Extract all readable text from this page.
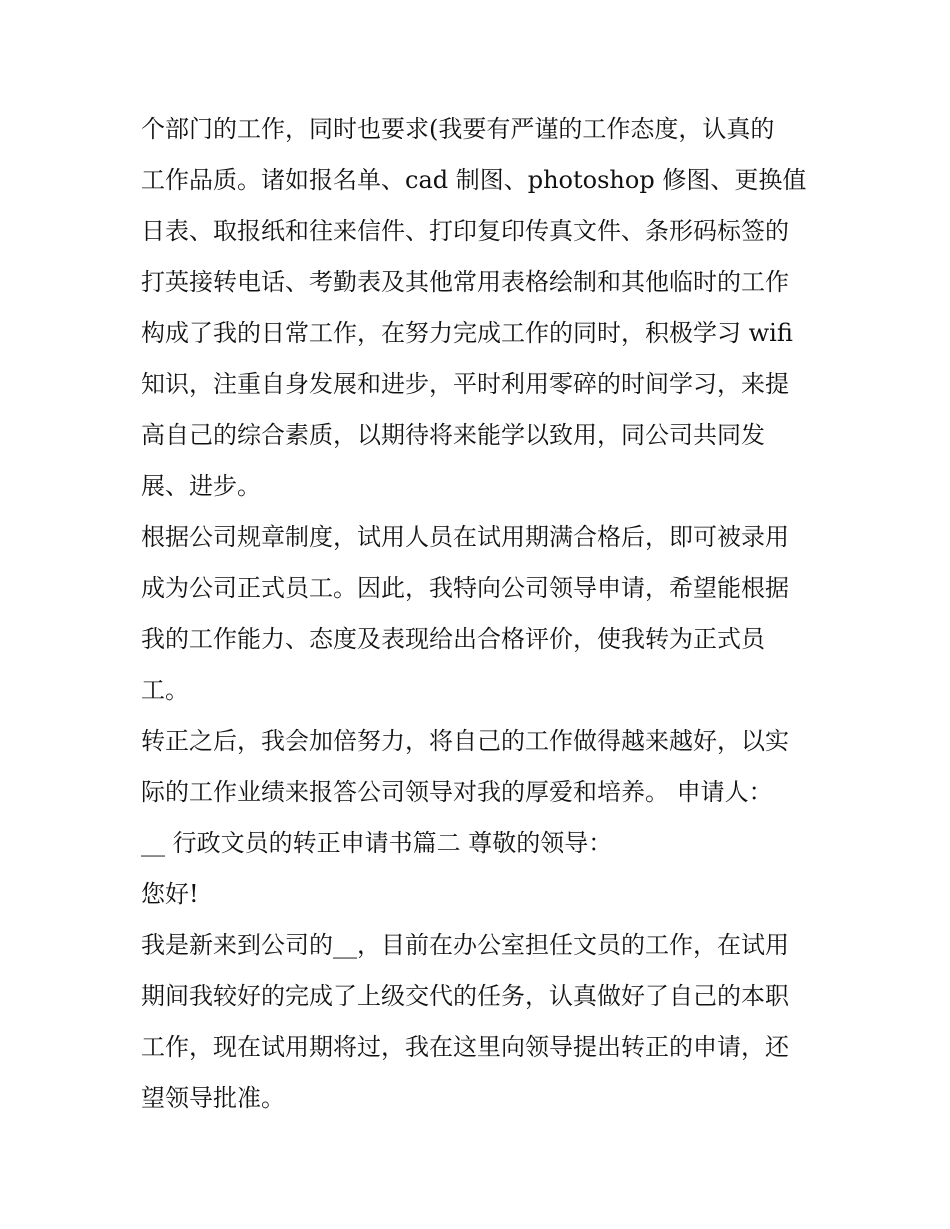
个部门的工作，同时也要求(我要有严谨的工作态度，认真的
工作品质。诸如报名单、cad 制图、photoshop 修图、更换值
日表、取报纸和往来信件、打印复印传真文件、条形码标签的
打英接转电话、考勤表及其他常用表格绘制和其他临时的工作
构成了我的日常工作，在努力完成工作的同时，积极学习 wifi
知识，注重自身发展和进步，平时利用零碎的时间学习，来提
高自己的综合素质，以期待将来能学以致用，同公司共同发
展、进步。
根据公司规章制度，试用人员在试用期满合格后，即可被录用
成为公司正式员工。因此，我特向公司领导申请，希望能根据
我的工作能力、态度及表现给出合格评价，使我转为正式员
工。
转正之后，我会加倍努力，将自己的工作做得越来越好，以实
际的工作业绩来报答公司领导对我的厚爱和培养。 申请人：
__ 行政文员的转正申请书篇二 尊敬的领导：
您好!
我是新来到公司的__，目前在办公室担任文员的工作，在试用
期间我较好的完成了上级交代的任务，认真做好了自己的本职
工作，现在试用期将过，我在这里向领导提出转正的申请，还
望领导批准。
